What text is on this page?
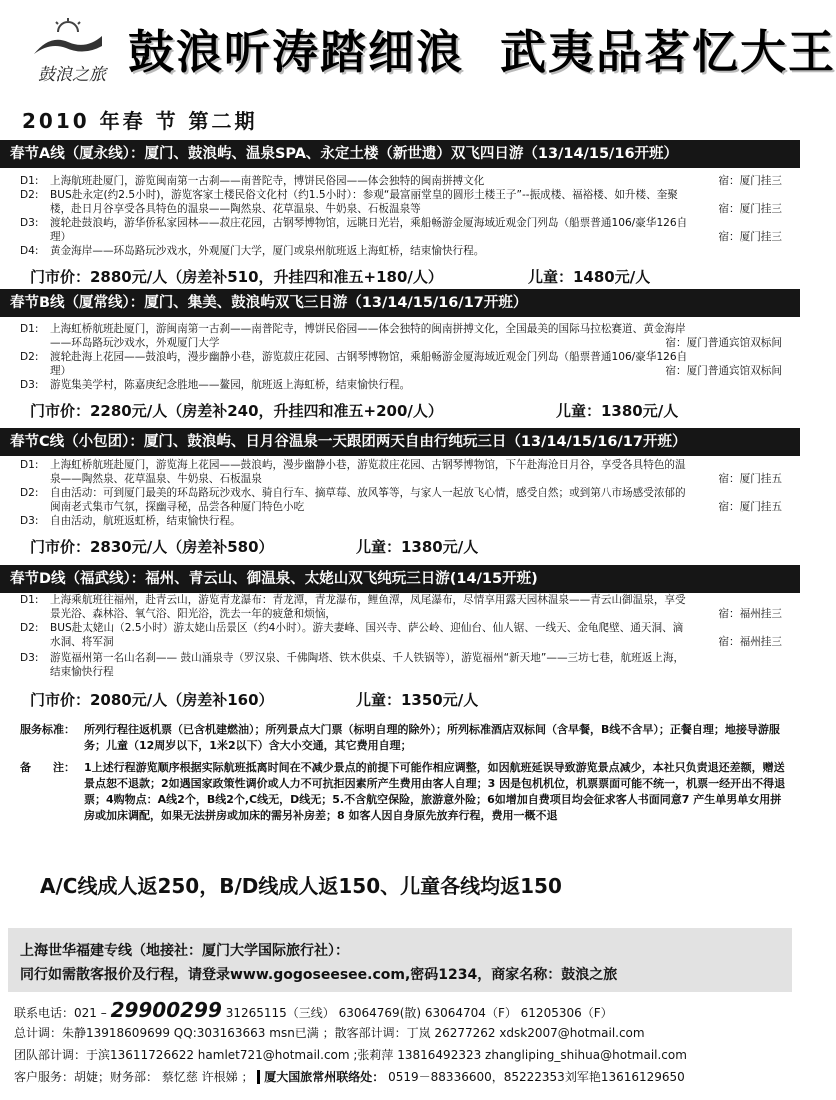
鼓浪之旅 鼓浪听涛踏细浪 武夷品茗忆大王
2010 年春 节 第二期
春节A线（厦永线）：厦门、鼓浪屿、温泉SPA、永定土楼（新世遗）双飞四日游（13/14/15/16开班）
D1: 上海航班赴厦门，游览闽南第一古刹——南普陀寺，博饼民俗园——体会独特的闽南拼搏文化	宿：厦门挂三
D2: BUS赴永定(约2.5小时)，游览客家土楼民俗文化村（约1.5小时）：参观“最富丽堂皇的圆形土楼王子”--振成楼、福裕楼、如升楼、奎聚楼，赴日月谷享受各具特色的温泉——陶然泉、花草温泉、牛奶泉、石板温泉等	宿：厦门挂三
D3: 渡轮赴鼓浪屿，游华侨私家园林——菽庄花园，古钢琴博物馆，远眺日光岩，乘船畅游金厦海域近观金门列岛（船票普通106/豪华126自理）	宿：厦门挂三
D4: 黄金海岸——环岛路玩沙戏水，外观厦门大学，厦门或泉州航班返上海虹桥，结束愉快行程。
门市价：2880元/人（房差补510，升挂四和准五+180/人）	儿童：1480元/人
春节B线（厦常线）：厦门、集美、鼓浪屿双飞三日游（13/14/15/16/17开班）
D1: 上海虹桥航班赴厦门，游闽南第一古刹——南普陀寺，博饼民俗园——体会独特的闽南拼搏文化，全国最美的国际马拉松赛道、黄金海岸——环岛路玩沙戏水，外观厦门大学	宿：厦门普通宾馆双标间
D2: 渡轮赴海上花园——鼓浪屿，漫步幽静小巷，游览菽庄花园、古钢琴博物馆，乘船畅游金厦海域近观金门列岛（船票普通106/豪华126自理）	宿：厦门普通宾馆双标间
D3: 游览集美学村，陈嘉庚纪念胜地——鳌园，航班返上海虹桥，结束愉快行程。
门市价：2280元/人（房差补240，升挂四和准五+200/人）	儿童：1380元/人
春节C线（小包团）：厦门、鼓浪屿、日月谷温泉一天跟团两天自由行纯玩三日（13/14/15/16/17开班）
D1: 上海虹桥航班赴厦门，游览海上花园——鼓浪屿，漫步幽静小巷，游览菽庄花园、古钢琴博物馆，下午赴海沧日月谷，享受各具特色的温泉——陶然泉、花草温泉、牛奶泉、石板温泉	宿：厦门挂五
D2: 自由活动：可到厦门最美的环岛路玩沙戏水、骑自行车、摘草莓、放风筝等，与家人一起放飞心情，感受自然；或到第八市场感受浓郁的闽南老式集市气氛，探幽寻秘，品尝各种厦门特色小吃	宿：厦门挂五
D3: 自由活动，航班返虹桥，结束愉快行程。
门市价：2830元/人（房差补580）	儿童：1380元/人
春节D线（福武线）：福州、青云山、御温泉、太姥山双飞纯玩三日游(14/15开班)
D1: 上海乘航班往福州，赴青云山，游览青龙瀑布：青龙潭，青龙瀑布，鲤鱼潭，凤尾瀑布，尽情享用露天园林温泉——青云山御温泉，享受景光浴、森林浴、氧气浴、阳光浴，洗去一年的疲惫和烦恼，	宿：福州挂三
D2: BUS赴太姥山（2.5小时）游太姥山岳景区（约4小时）。游夫妻峰、国兴寺、萨公岭、迎仙台、仙人锯、一线天、金龟爬壁、通天洞、滴水洞、将军洞	宿：福州挂三
D3: 游览福州第一名山名刹—— 鼓山涌泉寺（罗汉泉、千佛陶塔、铁木供桌、千人铁锅等），游览福州“新天地”——三坊七巷，航班返上海，结束愉快行程
门市价：2080元/人（房差补160）	儿童：1350元/人
服务标准： 所列行程往返机票（已含机建燃油）；所列景点大门票（标明自理的除外）；所列标准酒店双标间（含早餐，B线不含早）；正餐自理；地接导游服务；儿童（12周岁以下，1米2以下）含大小交通，其它费用自理；
备　　注： 1上述行程游览顺序根据实际航班抵离时间在不减少景点的前提下可能作相应调整，如因航班延误导致游览景点减少，本社只负责退还差额，赠送景点恕不退款；2如遇国家政策性调价或人力不可抗拒因素所产生费用由客人自理；3 因是包机机位，机票票面可能不统一，机票一经开出不得退票；4购物点：A线2个，B线2个,C线无，D线无；5.不含航空保险，旅游意外险；6如增加自费项目均会征求客人书面同意7 产生单男单女用拼房或加床调配，如果无法拼房或加床的需另补房差；8 如客人因自身原先放弃行程，费用一概不退
A/C线成人返250，B/D线成人返150、儿童各线均返150
上海世华福建专线（地接社：厦门大学国际旅行社）：
同行如需散客报价及行程，请登录www.gogoseesee.com,密码1234，商家名称：鼓浪之旅
联系电话：021 – 29900299 31265115（三线） 63064769(散) 63064704（F） 61205306（F）
总计调：朱静13918609699 QQ:303163663 msn已满 ；散客部计调：丁岚 26277262 xdsk2007@hotmail.com
团队部计调：于滨13611726622 hamlet721@hotmail.com ;张莉萍 13816492323 zhangliping_shihua@hotmail.com
客户服务：胡婕；财务部： 蔡忆慈 许根娣 ； 厦大国旅常州联络处： 0519－88336600，85222353刘军艳13616129650
